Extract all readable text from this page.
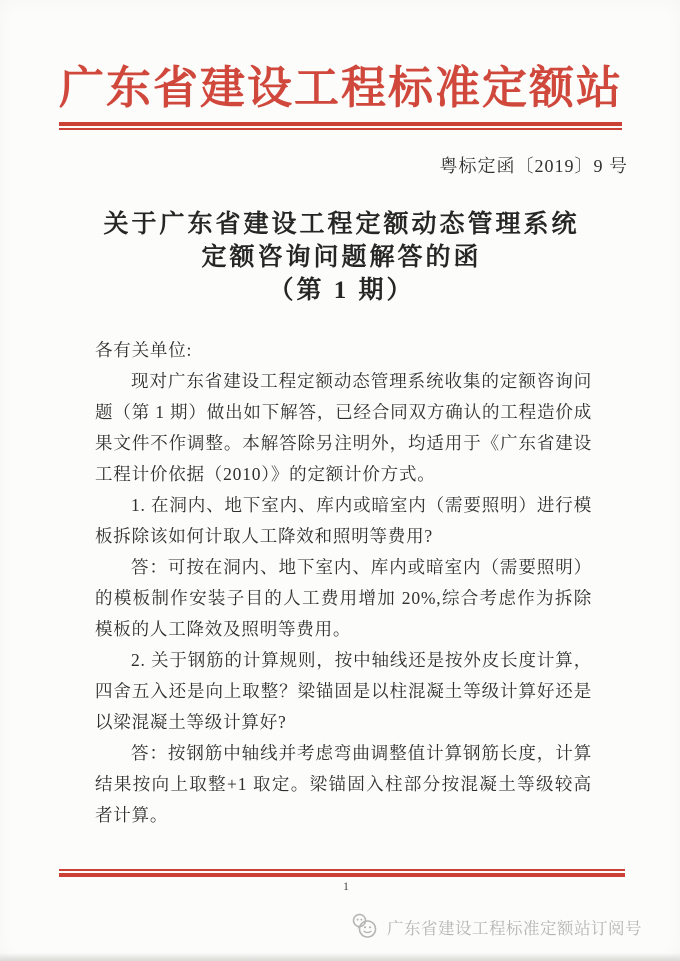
广东省建设工程标准定额站
粤标定函〔2019〕9 号
关于广东省建设工程定额动态管理系统
定额咨询问题解答的函
（第 1 期）

各有关单位:

现对广东省建设工程定额动态管理系统收集的定额咨询问题（第 1 期）做出如下解答，已经合同双方确认的工程造价成果文件不作调整。本解答除另注明外，均适用于《广东省建设工程计价依据（2010）》的定额计价方式。

1. 在洞内、地下室内、库内或暗室内（需要照明）进行模板拆除该如何计取人工降效和照明等费用?

答：可按在洞内、地下室内、库内或暗室内（需要照明）的模板制作安装子目的人工费用增加 20%,综合考虑作为拆除模板的人工降效及照明等费用。

2. 关于钢筋的计算规则，按中轴线还是按外皮长度计算，四舍五入还是向上取整？梁锚固是以柱混凝土等级计算好还是以梁混凝土等级计算好?

答：按钢筋中轴线并考虑弯曲调整值计算钢筋长度，计算结果按向上取整+1 取定。梁锚固入柱部分按混凝土等级较高者计算。

1
广东省建设工程标准定额站订阅号
